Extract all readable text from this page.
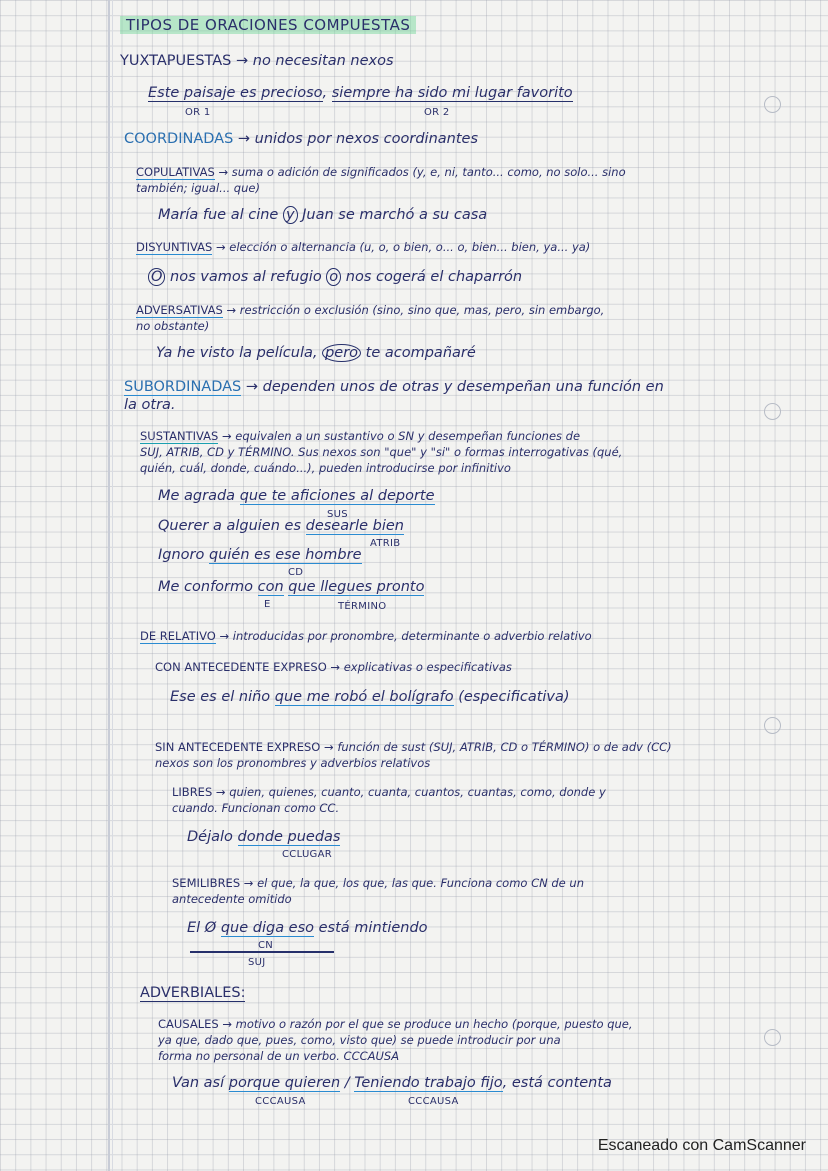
TIPOS DE ORACIONES COMPUESTAS
YUXTAPUESTAS → no necesitan nexos
Este paisaje es precioso, siempre ha sido mi lugar favorito
OR 1	OR 2
COORDINADAS → unidos por nexos coordinantes
COPULATIVAS → suma o adición de significados (y, e, ni, tanto... como, no solo... sino
también; igual... que)
María fue al cine y Juan se marchó a su casa
DISYUNTIVAS → elección o alternancia (u, o, o bien, o... o, bien... bien, ya... ya)
O nos vamos al refugio o nos cogerá el chaparrón
ADVERSATIVAS → restricción o exclusión (sino, sino que, mas, pero, sin embargo,
no obstante)
Ya he visto la película, pero te acompañaré
SUBORDINADAS → dependen unos de otras y desempeñan una función en
la otra.
SUSTANTIVAS → equivalen a un sustantivo o SN y desempeñan funciones de
SUJ, ATRIB, CD y TÉRMINO. Sus nexos son "que" y "si" o formas interrogativas (qué,
quién, cuál, donde, cuándo...), pueden introducirse por infinitivo
Me agrada que te aficiones al deporte
SUS
Querer a alguien es desearle bien
ATRIB
Ignoro quién es ese hombre
CD
Me conformo con que llegues pronto
E	TÉRMINO
DE RELATIVO → introducidas por pronombre, determinante o adverbio relativo
CON ANTECEDENTE EXPRESO → explicativas o especificativas
Ese es el niño que me robó el bolígrafo (especificativa)
SIN ANTECEDENTE EXPRESO → función de sust (SUJ, ATRIB, CD o TÉRMINO) o de adv (CC)
nexos son los pronombres y adverbios relativos
LIBRES → quien, quienes, cuanto, cuanta, cuantos, cuantas, como, donde y
cuando. Funcionan como CC.
Déjalo donde puedas
CCLUGAR
SEMILIBRES → el que, la que, los que, las que. Funciona como CN de un
antecedente omitido
El Ø que diga eso está mintiendo
CN
SUJ
ADVERBIALES:
CAUSALES → motivo o razón por el que se produce un hecho (porque, puesto que,
ya que, dado que, pues, como, visto que) se puede introducir por una
forma no personal de un verbo. CCCAUSA
Van así porque quieren / Teniendo trabajo fijo, está contenta
CCCAUSA	CCCAUSA
Escaneado con CamScanner
